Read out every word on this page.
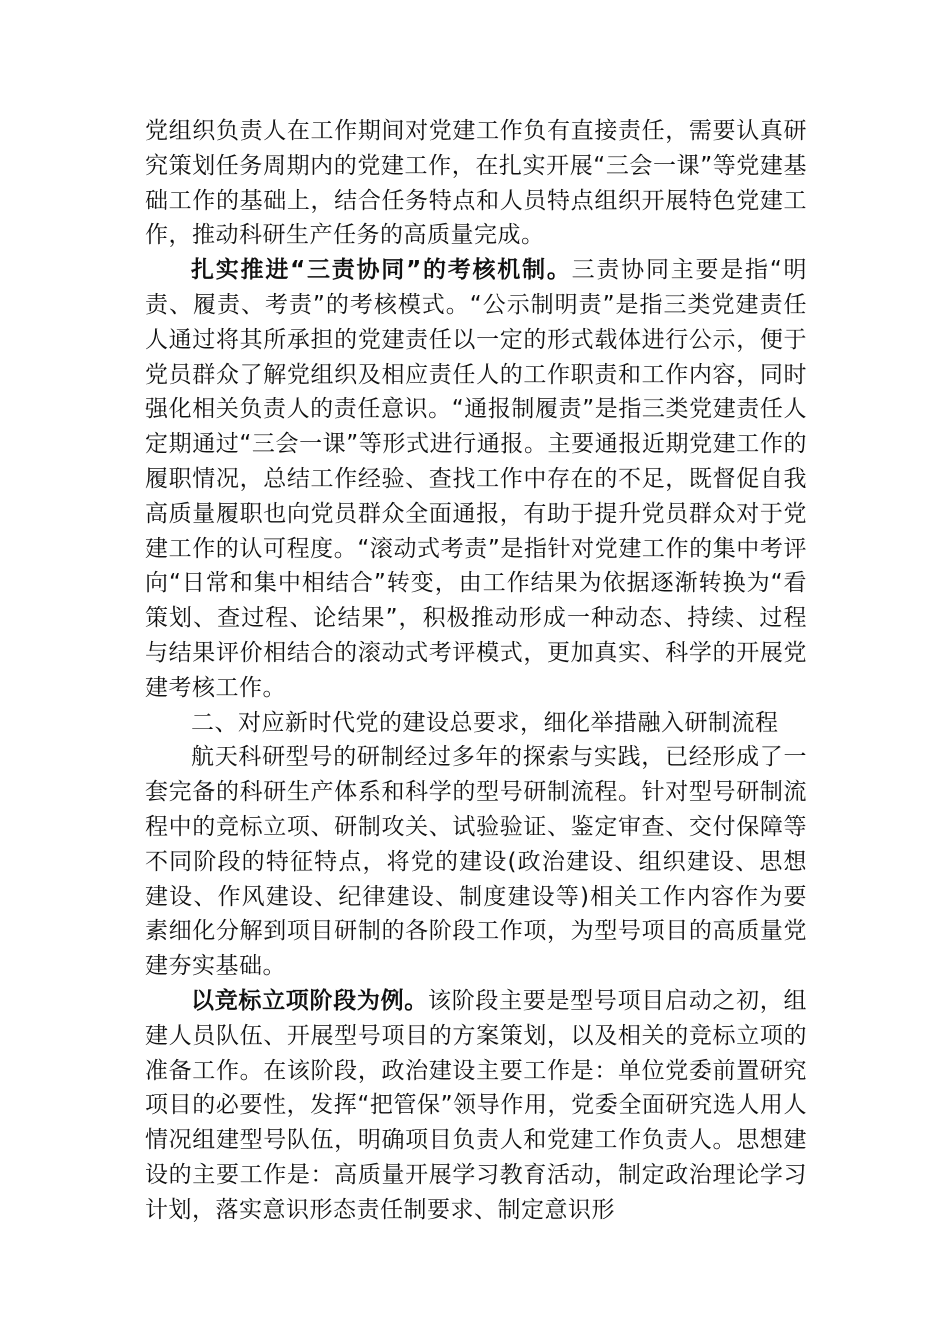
党组织负责人在工作期间对党建工作负有直接责任，需要认真研究策划任务周期内的党建工作，在扎实开展“三会一课”等党建基础工作的基础上，结合任务特点和人员特点组织开展特色党建工作，推动科研生产任务的高质量完成。

扎实推进“三责协同”的考核机制。三责协同主要是指“明责、履责、考责”的考核模式。“公示制明责”是指三类党建责任人通过将其所承担的党建责任以一定的形式载体进行公示，便于党员群众了解党组织及相应责任人的工作职责和工作内容，同时强化相关负责人的责任意识。“通报制履责”是指三类党建责任人定期通过“三会一课”等形式进行通报。主要通报近期党建工作的履职情况，总结工作经验、查找工作中存在的不足，既督促自我高质量履职也向党员群众全面通报，有助于提升党员群众对于党建工作的认可程度。“滚动式考责”是指针对党建工作的集中考评向“日常和集中相结合”转变，由工作结果为依据逐渐转换为“看策划、查过程、论结果”，积极推动形成一种动态、持续、过程与结果评价相结合的滚动式考评模式，更加真实、科学的开展党建考核工作。

二、对应新时代党的建设总要求，细化举措融入研制流程

航天科研型号的研制经过多年的探索与实践，已经形成了一套完备的科研生产体系和科学的型号研制流程。针对型号研制流程中的竞标立项、研制攻关、试验验证、鉴定审查、交付保障等不同阶段的特征特点，将党的建设(政治建设、组织建设、思想建设、作风建设、纪律建设、制度建设等)相关工作内容作为要素细化分解到项目研制的各阶段工作项，为型号项目的高质量党建夯实基础。

以竞标立项阶段为例。该阶段主要是型号项目启动之初，组建人员队伍、开展型号项目的方案策划，以及相关的竞标立项的准备工作。在该阶段，政治建设主要工作是：单位党委前置研究项目的必要性，发挥“把管保”领导作用，党委全面研究选人用人情况组建型号队伍，明确项目负责人和党建工作负责人。思想建设的主要工作是：高质量开展学习教育活动，制定政治理论学习计划，落实意识形态责任制要求、制定意识形
